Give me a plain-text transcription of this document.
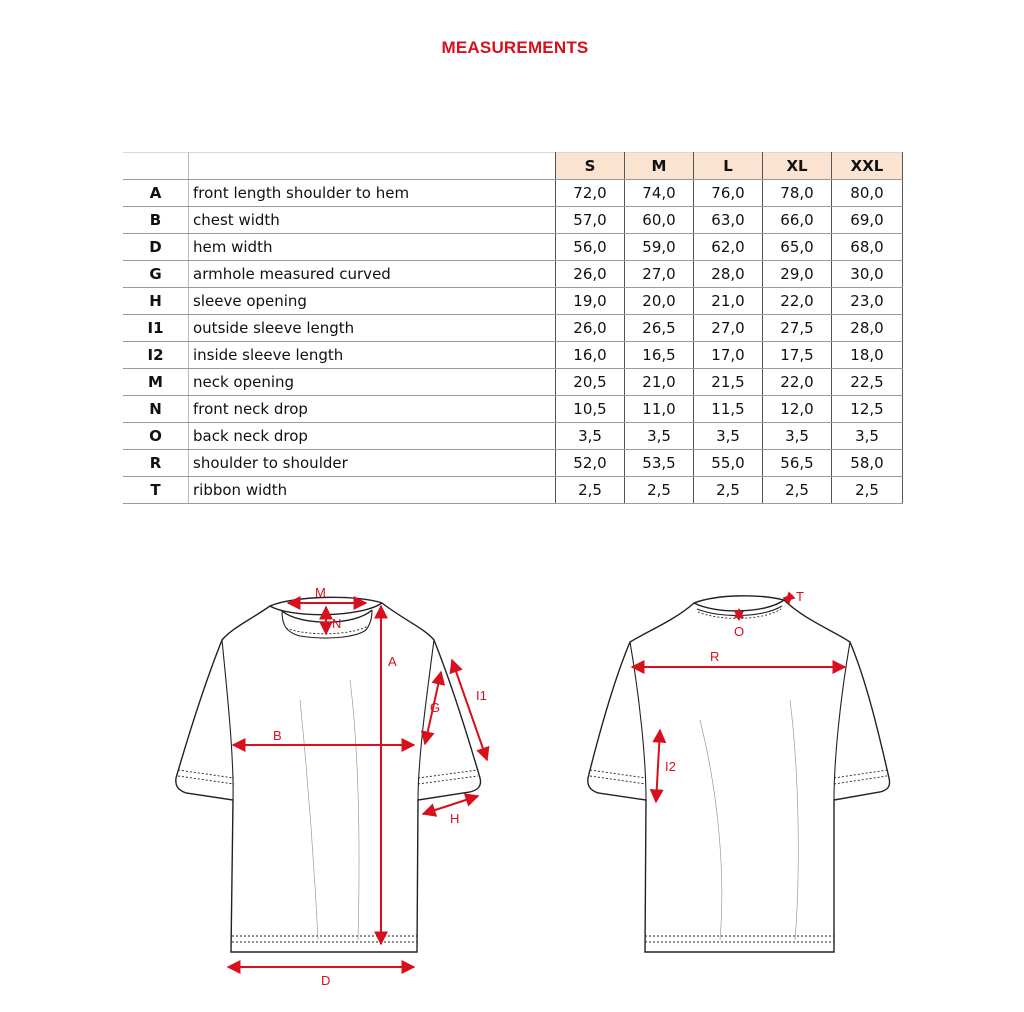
MEASUREMENTS
		S	M	L	XL	XXL
A	front length shoulder to hem	72,0	74,0	76,0	78,0	80,0
B	chest width	57,0	60,0	63,0	66,0	69,0
D	hem width	56,0	59,0	62,0	65,0	68,0
G	armhole measured curved	26,0	27,0	28,0	29,0	30,0
H	sleeve opening	19,0	20,0	21,0	22,0	23,0
I1	outside sleeve length	26,0	26,5	27,0	27,5	28,0
I2	inside sleeve length	16,0	16,5	17,0	17,5	18,0
M	neck opening	20,5	21,0	21,5	22,0	22,5
N	front neck drop	10,5	11,0	11,5	12,0	12,5
O	back neck drop	3,5	3,5	3,5	3,5	3,5
R	shoulder to shoulder	52,0	53,5	55,0	56,5	58,0
T	ribbon width	2,5	2,5	2,5	2,5	2,5
M
N
A
B
G
I1
H
D
T
O
R
I2
